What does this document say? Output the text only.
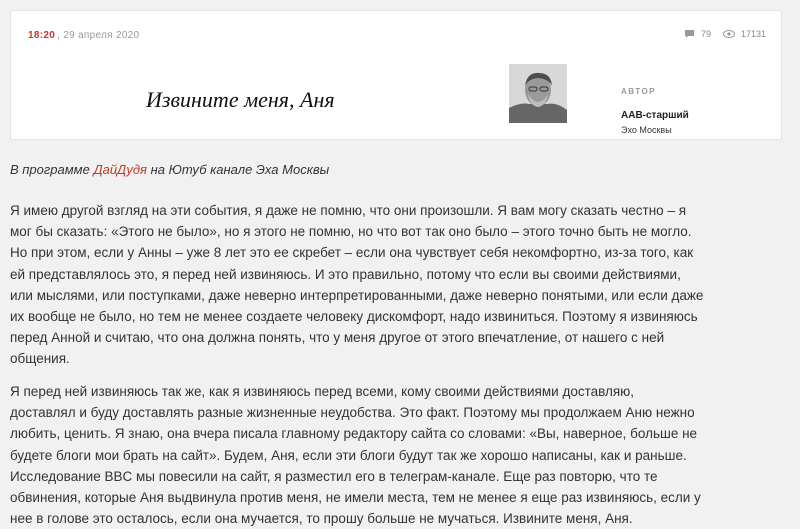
18:20 , 29 апреля 2020	79	17131
Извините меня, Аня	АВТОР
ААВ-старший
Эхо Москвы
В программе ДайДудя на Ютуб канале Эха Москвы
Я имею другой взгляд на эти события, я даже не помню, что они произошли. Я вам могу сказать честно – я
мог бы сказать: «Этого не было», но я этого не помню, но что вот так оно было – этого точно быть не могло.
Но при этом, если у Анны – уже 8 лет это ее скребет – если она чувствует себя некомфортно, из-за того, как
ей представлялось это, я перед ней извиняюсь. И это правильно, потому что если вы своими действиями,
или мыслями, или поступками, даже неверно интерпретированными, даже неверно понятыми, или если даже
их вообще не было, но тем не менее создаете человеку дискомфорт, надо извиниться. Поэтому я извиняюсь
перед Анной и считаю, что она должна понять, что у меня другое от этого впечатление, от нашего с ней
общения.
Я перед ней извиняюсь так же, как я извиняюсь перед всеми, кому своими действиями доставляю,
доставлял и буду доставлять разные жизненные неудобства. Это факт. Поэтому мы продолжаем Аню нежно
любить, ценить. Я знаю, она вчера писала главному редактору сайта со словами: «Вы, наверное, больше не
будете блоги мои брать на сайт». Будем, Аня, если эти блоги будут так же хорошо написаны, как и раньше.
Исследование BBC мы повесили на сайт, я разместил его в телеграм-канале. Еще раз повторю, что те
обвинения, которые Аня выдвинула против меня, не имели места, тем не менее я еще раз извиняюсь, если у
нее в голове это осталось, если она мучается, то прошу больше не мучаться. Извините меня, Аня.
